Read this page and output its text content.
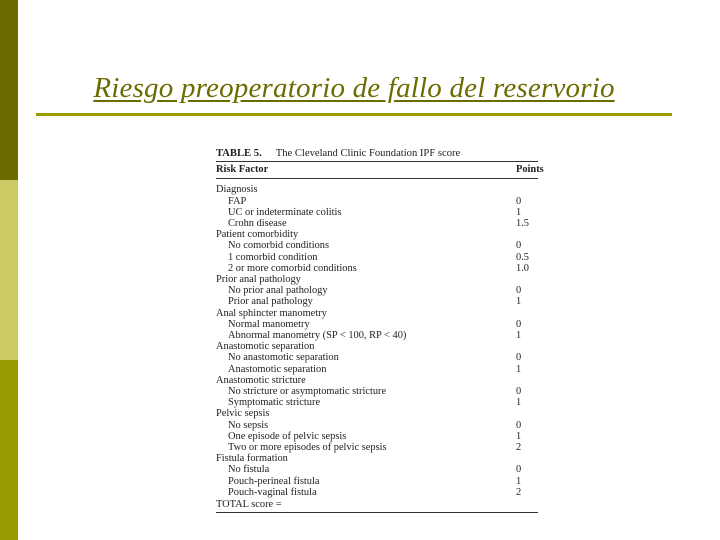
Riesgo preoperatorio de fallo del reservorio
TABLE 5. The Cleveland Clinic Foundation IPF score
Risk Factor	Points
Diagnosis
FAP	0
UC or indeterminate colitis	1
Crohn disease	1.5
Patient comorbidity
No comorbid conditions	0
1 comorbid condition	0.5
2 or more comorbid conditions	1.0
Prior anal pathology
No prior anal pathology	0
Prior anal pathology	1
Anal sphincter manometry
Normal manometry	0
Abnormal manometry (SP < 100, RP < 40)	1
Anastomotic separation
No anastomotic separation	0
Anastomotic separation	1
Anastomotic stricture
No stricture or asymptomatic stricture	0
Symptomatic stricture	1
Pelvic sepsis
No sepsis	0
One episode of pelvic sepsis	1
Two or more episodes of pelvic sepsis	2
Fistula formation
No fistula	0
Pouch-perineal fistula	1
Pouch-vaginal fistula	2
TOTAL score =
